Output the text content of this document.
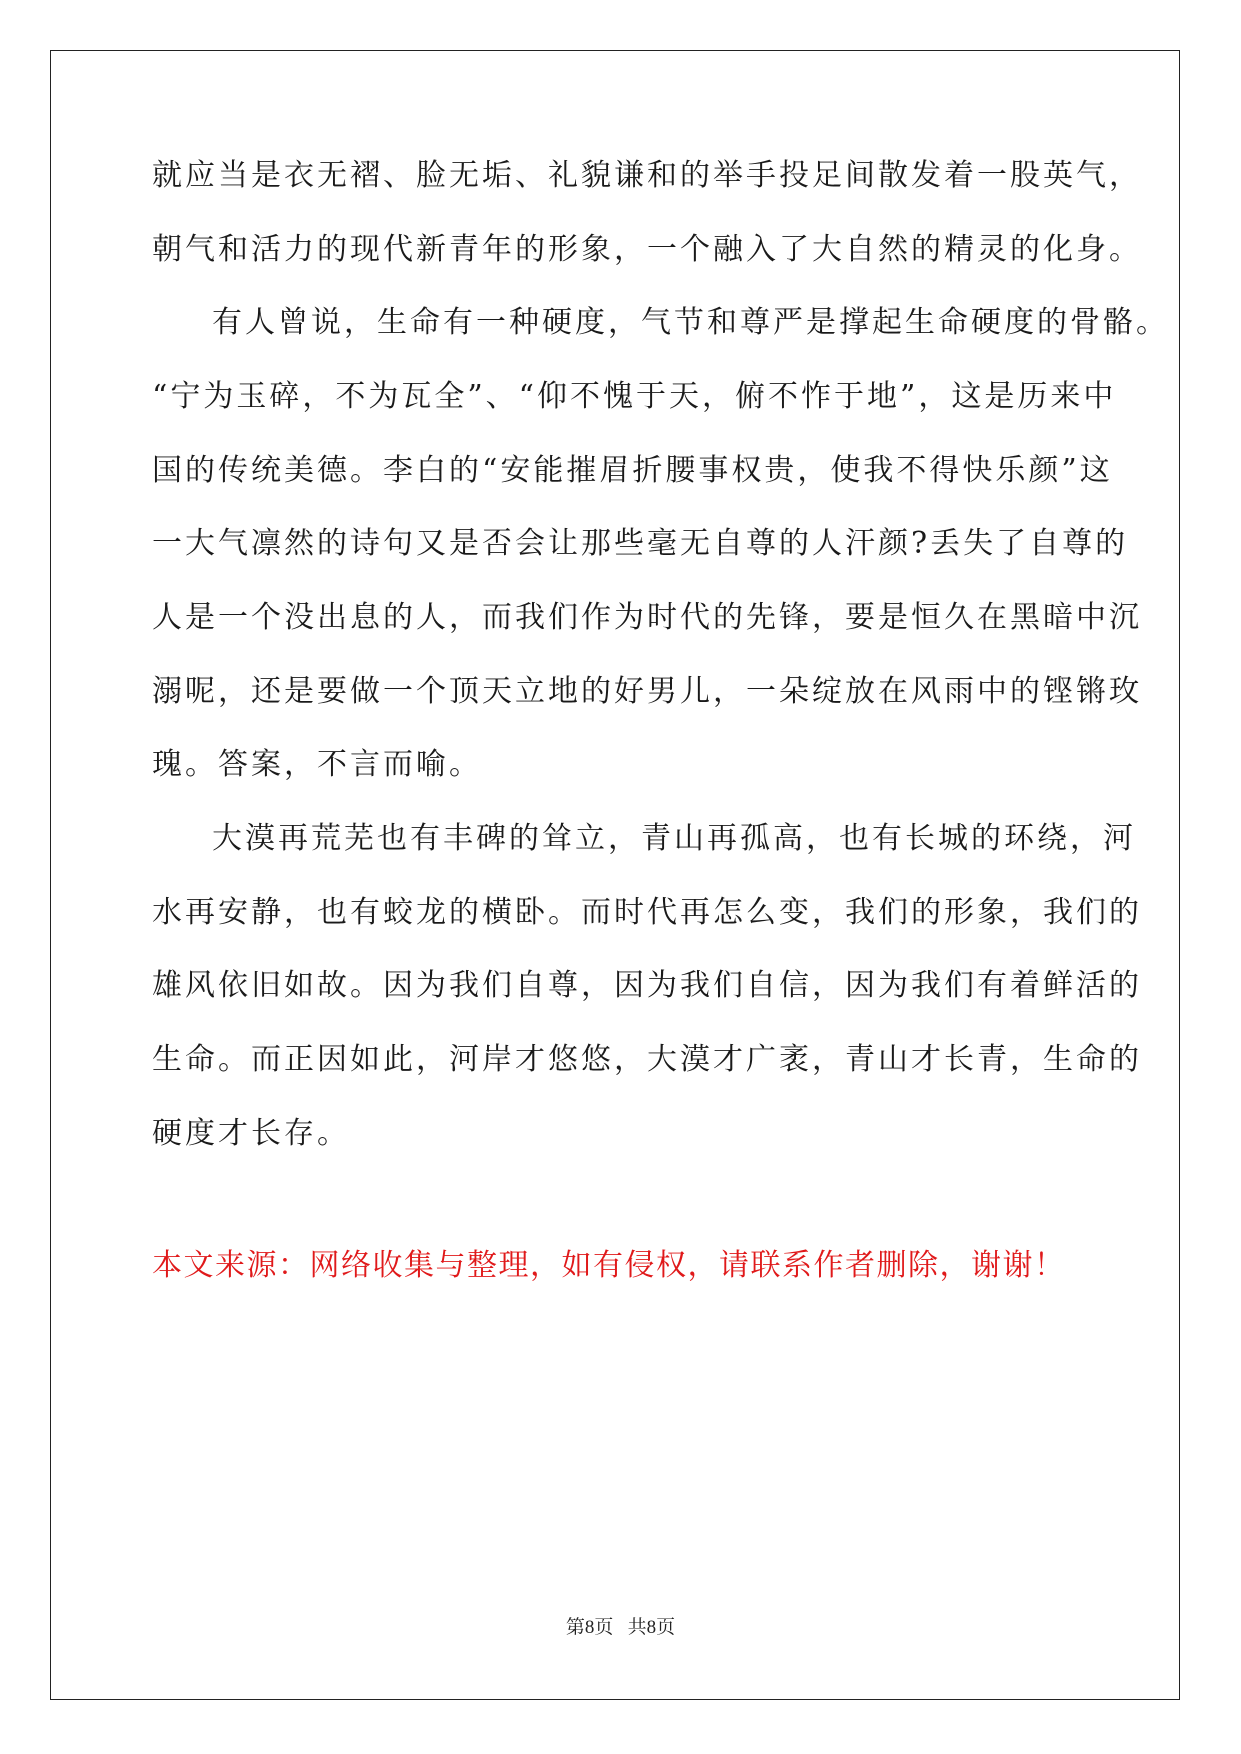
就应当是衣无褶、脸无垢、礼貌谦和的举手投足间散发着一股英气，
朝气和活力的现代新青年的形象，一个融入了大自然的精灵的化身。
有人曾说，生命有一种硬度，气节和尊严是撑起生命硬度的骨骼。
“宁为玉碎，不为瓦全”、“仰不愧于天，俯不怍于地”，这是历来中
国的传统美德。李白的“安能摧眉折腰事权贵，使我不得快乐颜”这
一大气凛然的诗句又是否会让那些毫无自尊的人汗颜?丢失了自尊的
人是一个没出息的人，而我们作为时代的先锋，要是恒久在黑暗中沉
溺呢，还是要做一个顶天立地的好男儿，一朵绽放在风雨中的铿锵玫
瑰。答案，不言而喻。
大漠再荒芜也有丰碑的耸立，青山再孤高，也有长城的环绕，河
水再安静，也有蛟龙的横卧。而时代再怎么变，我们的形象，我们的
雄风依旧如故。因为我们自尊，因为我们自信，因为我们有着鲜活的
生命。而正因如此，河岸才悠悠，大漠才广袤，青山才长青，生命的
硬度才长存。
本文来源：网络收集与整理，如有侵权，请联系作者删除，谢谢！
第8页 共8页
